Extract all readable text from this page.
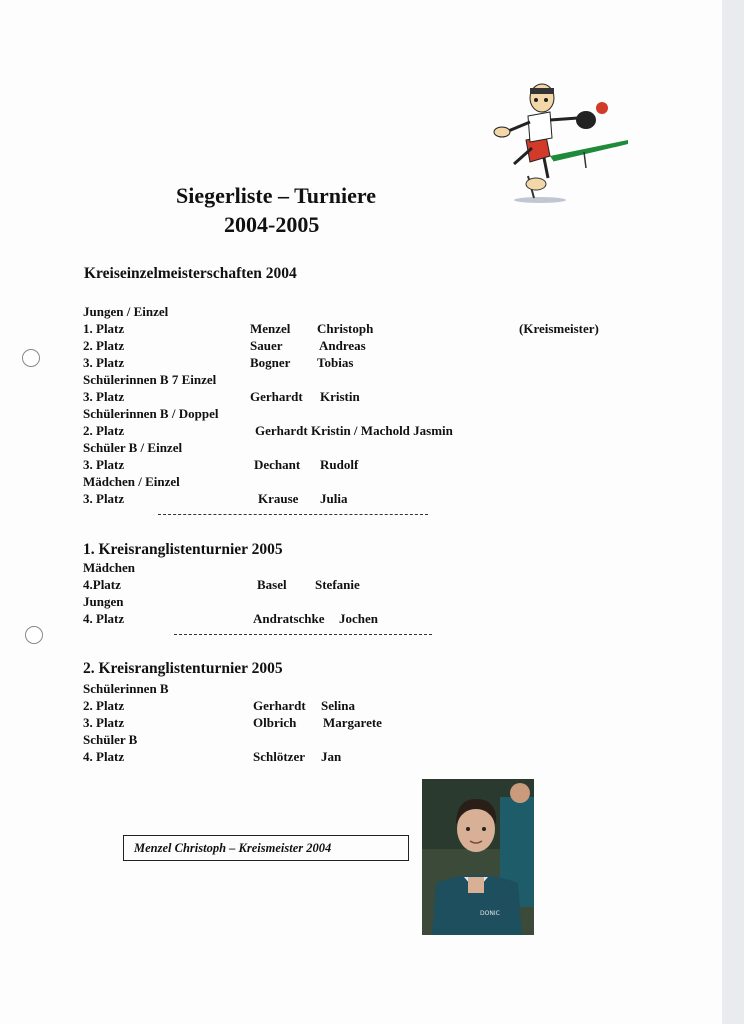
Siegerliste – Turniere
2004-2005
Kreiseinzelmeisterschaften 2004
Jungen / Einzel
1. Platz	Menzel Christoph	(Kreismeister)
2. Platz	Sauer	Andreas
3. Platz	Bogner Tobias
Schülerinnen B 7 Einzel
3. Platz	Gerhardt Kristin
Schülerinnen B / Doppel
2. Platz	Gerhardt Kristin / Machold Jasmin
Schüler B / Einzel
3. Platz	Dechant Rudolf
Mädchen / Einzel
3. Platz	Krause Julia
1. Kreisranglistenturnier 2005
Mädchen
4.Platz	Basel Stefanie
Jungen
4. Platz	Andratschke Jochen
2. Kreisranglistenturnier 2005
Schülerinnen B
2. Platz	Gerhardt Selina
3. Platz	Olbrich Margarete
Schüler B
4. Platz	Schlötzer Jan
Menzel Christoph – Kreismeister 2004
DONIC
